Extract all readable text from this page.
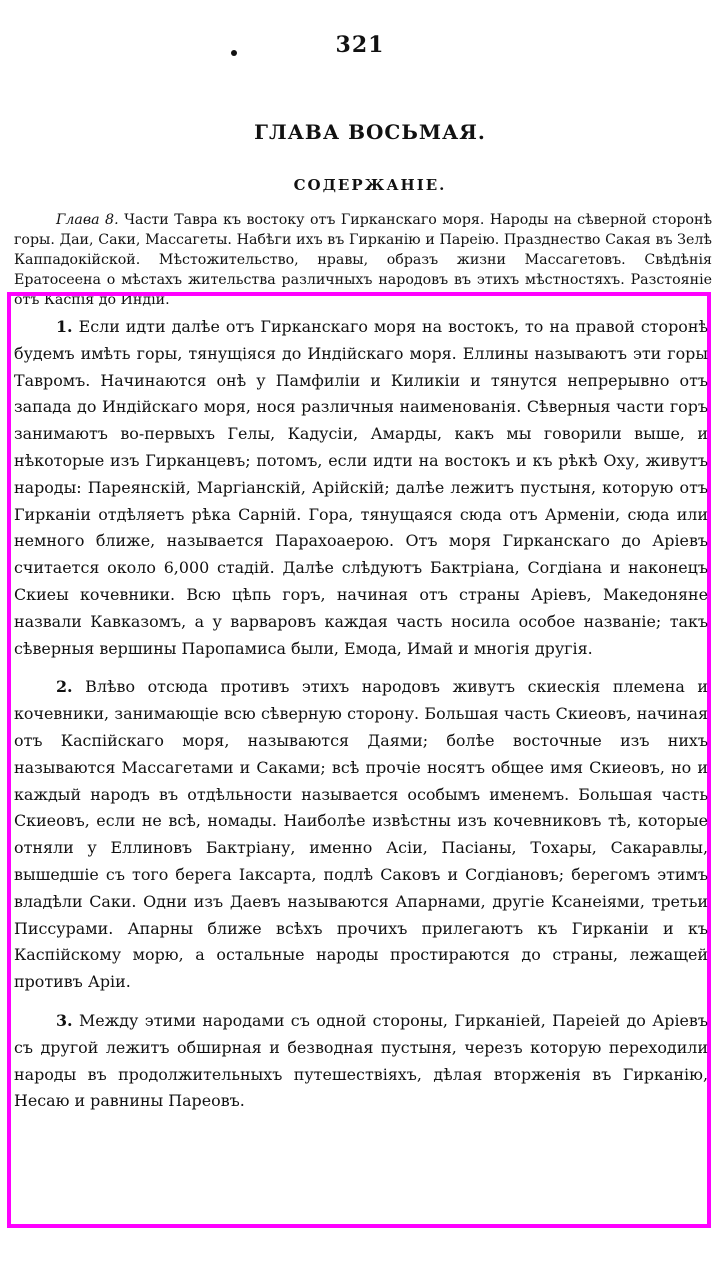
321
ГЛАВА ВОСЬМАЯ.
СОДЕРЖАНIЕ.

Глава 8. Части Тавра къ востоку отъ Гирканскаго моря. Народы на сѣверной сторонѣ горы. Даи, Саки, Массагеты. Набѣги ихъ въ Гирканiю и Пареiю. Празднество Сакая въ Зелѣ Каппадокiйской. Мѣстожительство, нравы, образъ жизни Массагетовъ. Свѣдѣнiя Ератосеена о мѣстахъ жительства различныхъ народовъ въ этихъ мѣстностяхъ. Разстоянiе отъ Каспiя до Индiи.

1. Если идти далѣе отъ Гирканскаго моря на востокъ, то на правой сторонѣ будемъ имѣть горы, тянущiяся до Индiйскаго моря. Еллины называютъ эти горы Тавромъ. Начинаются онѣ у Памфилiи и Киликiи и тянутся непрерывно отъ запада до Индiйскаго моря, нося различныя наименованiя. Сѣверныя части горъ занимаютъ во-первыхъ Гелы, Кадусiи, Амарды, какъ мы говорили выше, и нѣкоторые изъ Гирканцевъ; потомъ, если идти на востокъ и къ рѣкѣ Оху, живутъ народы: Пареянскiй, Маргiанскiй, Арiйскiй; далѣе лежитъ пустыня, которую отъ Гирканiи отдѣляетъ рѣка Сарнiй. Гора, тянущаяся сюда отъ Арменiи, сюда или немного ближе, называется Парахоаерою. Отъ моря Гирканскаго до Арiевъ считается около 6,000 стадiй. Далѣе слѣдуютъ Бактрiана, Согдiана и наконецъ Скиеы кочевники. Всю цѣпь горъ, начиная отъ страны Арiевъ, Македоняне назвали Кавказомъ, а у варваровъ каждая часть носила особое названiе; такъ сѣверныя вершины Паропамиса были, Емода, Имай и многiя другiя.

2. Влѣво отсюда противъ этихъ народовъ живутъ скиескiя племена и кочевники, занимающiе всю сѣверную сторону. Большая часть Скиеовъ, начиная отъ Каспiйскаго моря, называются Даями; болѣе восточные изъ нихъ называются Массагетами и Саками; всѣ прочiе носятъ общее имя Скиеовъ, но и каждый народъ въ отдѣльности называется особымъ именемъ. Большая часть Скиеовъ, если не всѣ, номады. Наиболѣе извѣстны изъ кочевниковъ тѣ, которые отняли у Еллиновъ Бактрiану, именно Асiи, Пасiаны, Тохары, Сакаравлы, вышедшiе съ того берега Iаксарта, подлѣ Саковъ и Согдiановъ; берегомъ этимъ владѣли Саки. Одни изъ Даевъ называются Апарнами, другiе Ксанеiями, третьи Писсурами. Апарны ближе всѣхъ прочихъ прилегаютъ къ Гирканiи и къ Каспiйскому морю, а остальные народы простираются до страны, лежащей противъ Арiи.

3. Между этими народами съ одной стороны, Гирканiей, Пареiей до Арiевъ съ другой лежитъ обширная и безводная пустыня, черезъ которую переходили народы въ продолжительныхъ путешествiяхъ, дѣлая вторженiя въ Гирканiю, Несаю и равнины Пареовъ.
